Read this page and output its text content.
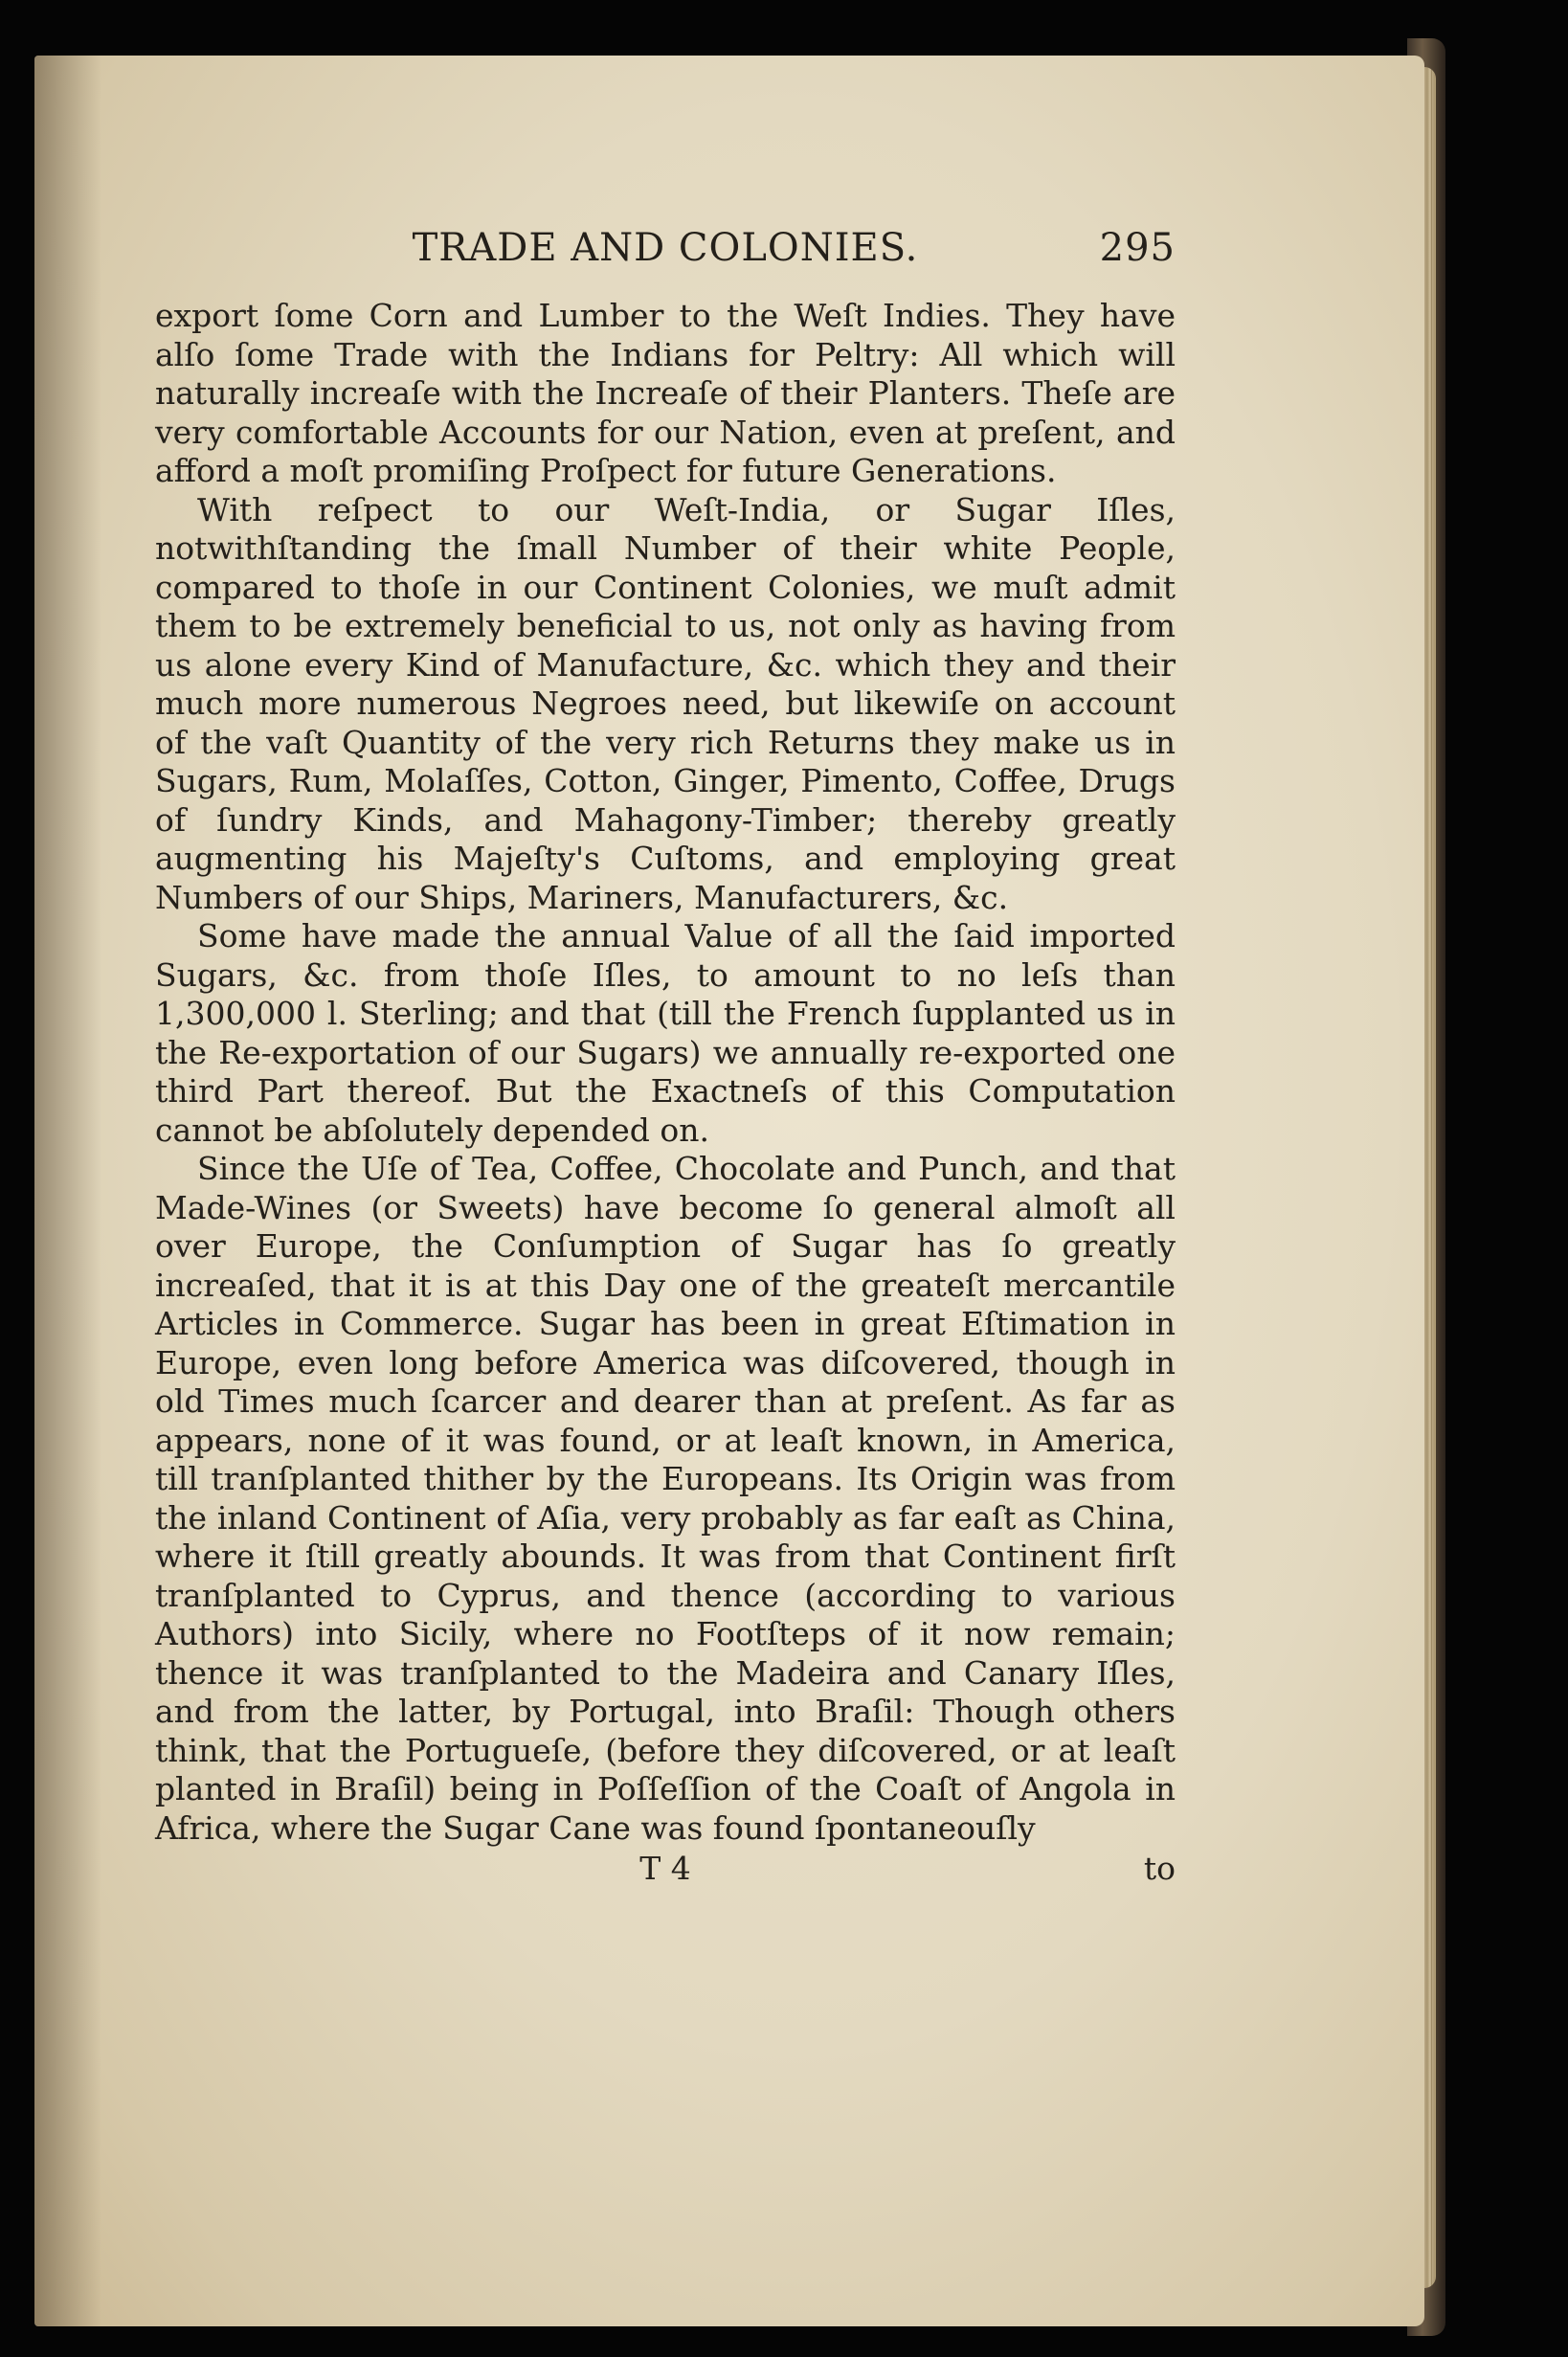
TRADE AND COLONIES.	295

export ſome Corn and Lumber to the Weſt Indies. They have alſo ſome Trade with the Indians for Peltry: All which will naturally increaſe with the Increaſe of their Planters. Theſe are very comfortable Accounts for our Nation, even at preſent, and afford a moſt promiſing Proſpect for future Generations.

With reſpect to our Weſt-India, or Sugar Iſles, notwithſtanding the ſmall Number of their white People, compared to thoſe in our Continent Colonies, we muſt admit them to be extremely beneficial to us, not only as having from us alone every Kind of Manufacture, &c. which they and their much more numerous Negroes need, but likewiſe on account of the vaſt Quantity of the very rich Returns they make us in Sugars, Rum, Molaſſes, Cotton, Ginger, Pimento, Coffee, Drugs of ſundry Kinds, and Mahagony-Timber; thereby greatly augmenting his Majeſty's Cuſtoms, and employing great Numbers of our Ships, Mariners, Manufacturers, &c.

Some have made the annual Value of all the ſaid imported Sugars, &c. from thoſe Iſles, to amount to no leſs than 1,300,000 l. Sterling; and that (till the French ſupplanted us in the Re-exportation of our Sugars) we annually re-exported one third Part thereof. But the Exactneſs of this Computation cannot be abſolutely depended on.

Since the Uſe of Tea, Coffee, Chocolate and Punch, and that Made-Wines (or Sweets) have become ſo general almoſt all over Europe, the Conſumption of Sugar has ſo greatly increaſed, that it is at this Day one of the greateſt mercantile Articles in Commerce. Sugar has been in great Eſtimation in Europe, even long before America was diſcovered, though in old Times much ſcarcer and dearer than at preſent. As far as appears, none of it was found, or at leaſt known, in America, till tranſplanted thither by the Europeans. Its Origin was from the inland Continent of Aſia, very probably as far eaſt as China, where it ſtill greatly abounds. It was from that Continent firſt tranſplanted to Cyprus, and thence (according to various Authors) into Sicily, where no Footſteps of it now remain; thence it was tranſplanted to the Madeira and Canary Iſles, and from the latter, by Portugal, into Braſil: Though others think, that the Portugueſe, (before they diſcovered, or at leaſt planted in Braſil) being in Poſſeſſion of the Coaſt of Angola in Africa, where the Sugar Cane was found ſpontaneouſly

T 4	to
